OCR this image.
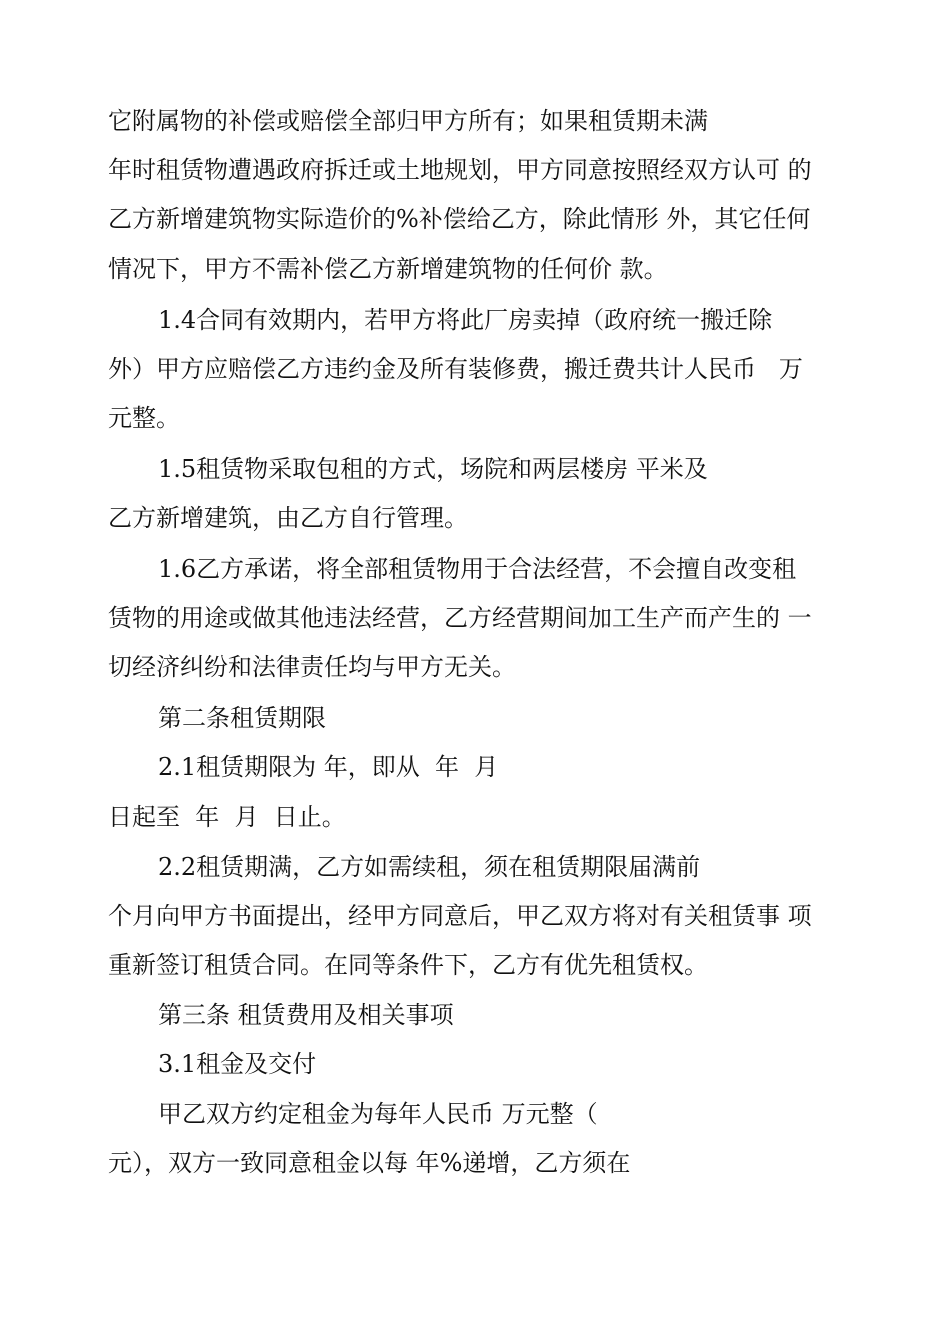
它附属物的补偿或赔偿全部归甲方所有；如果租赁期未满
年时租赁物遭遇政府拆迁或土地规划，甲方同意按照经双方认可 的
乙方新增建筑物实际造价的%补偿给乙方，除此情形 外，其它任何
情况下，甲方不需补偿乙方新增建筑物的任何价 款。
1.4合同有效期内，若甲方将此厂房卖掉（政府统一搬迁除
外）甲方应赔偿乙方违约金及所有装修费，搬迁费共计人民币   万
元整。
1.5租赁物采取包租的方式，场院和两层楼房 平米及
乙方新增建筑，由乙方自行管理。
1.6乙方承诺，将全部租赁物用于合法经营，不会擅自改变租
赁物的用途或做其他违法经营，乙方经营期间加工生产而产生的 一
切经济纠纷和法律责任均与甲方无关。
第二条租赁期限
2.1租赁期限为 年，即从  年  月
日起至  年  月  日止。
2.2租赁期满，乙方如需续租，须在租赁期限届满前
个月向甲方书面提出，经甲方同意后，甲乙双方将对有关租赁事 项
重新签订租赁合同。在同等条件下，乙方有优先租赁权。
第三条 租赁费用及相关事项
3.1租金及交付
甲乙双方约定租金为每年人民币 万元整（
元），双方一致同意租金以每 年%递增，乙方须在
